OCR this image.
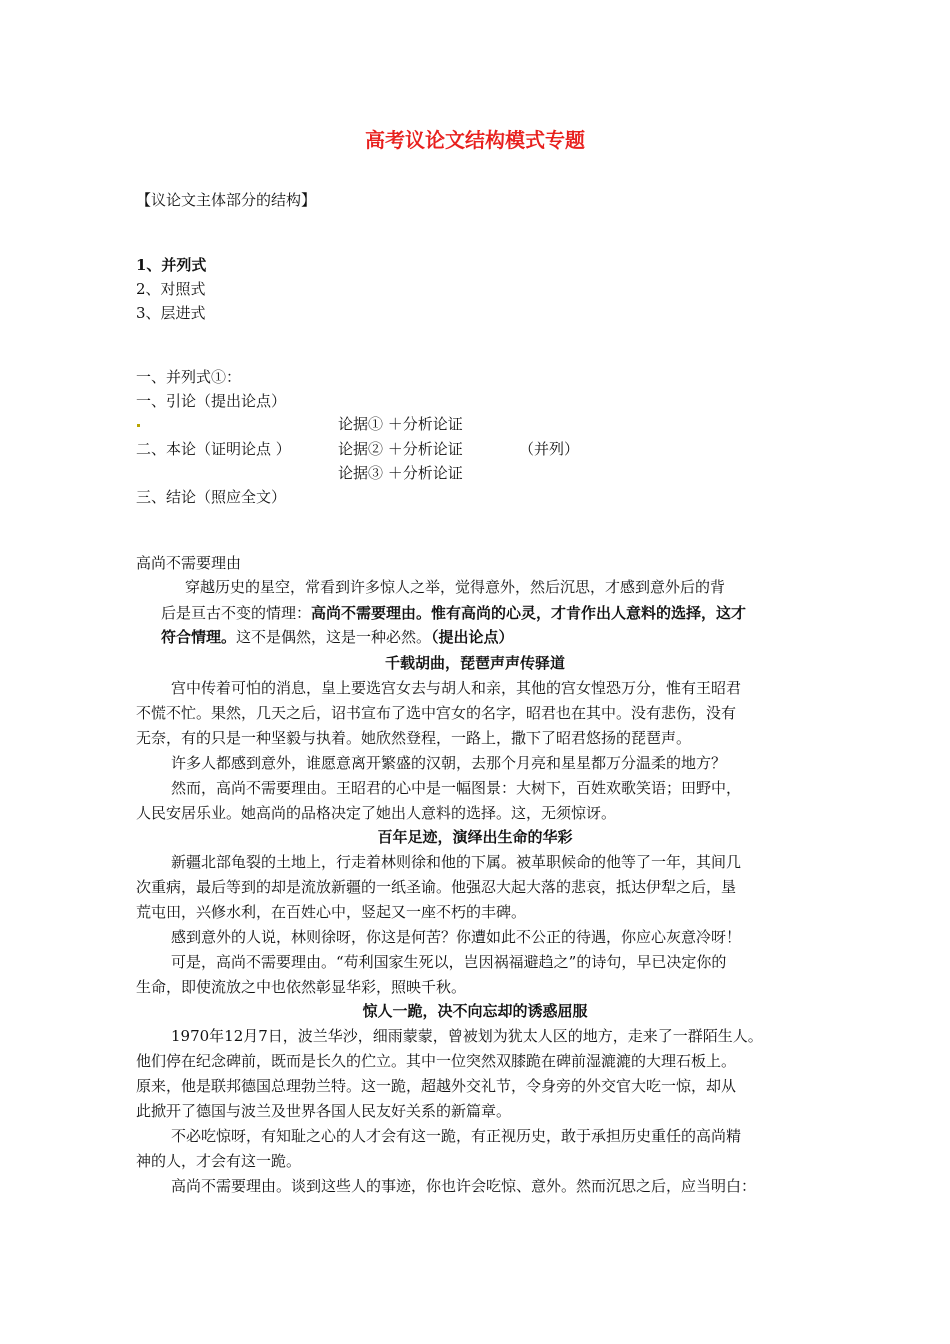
高考议论文结构模式专题
【议论文主体部分的结构】
1、并列式
2、对照式
3、层进式
一、并列式①：
一、引论（提出论点）
论据① ＋分析论证
二、本论（证明论点 ）	论据② ＋分析论证	（并列）
论据③ ＋分析论证
三、结论（照应全文）
高尚不需要理由
穿越历史的星空，常看到许多惊人之举，觉得意外，然后沉思，才感到意外后的背
后是亘古不变的情理：高尚不需要理由。惟有高尚的心灵，才肯作出人意料的选择，这才
符合情理。这不是偶然，这是一种必然。（提出论点）
千载胡曲，琵琶声声传驿道
宫中传着可怕的消息，皇上要选宫女去与胡人和亲，其他的宫女惶恐万分，惟有王昭君
不慌不忙。果然，几天之后，诏书宣布了选中宫女的名字，昭君也在其中。没有悲伤，没有
无奈，有的只是一种坚毅与执着。她欣然登程，一路上，撒下了昭君悠扬的琵琶声。
许多人都感到意外，谁愿意离开繁盛的汉朝，去那个月亮和星星都万分温柔的地方？
然而，高尚不需要理由。王昭君的心中是一幅图景：大树下，百姓欢歌笑语；田野中，
人民安居乐业。她高尚的品格决定了她出人意料的选择。这，无须惊讶。
百年足迹，演绎出生命的华彩
新疆北部龟裂的土地上，行走着林则徐和他的下属。被革职候命的他等了一年，其间几
次重病，最后等到的却是流放新疆的一纸圣谕。他强忍大起大落的悲哀，抵达伊犁之后，垦
荒屯田，兴修水利，在百姓心中，竖起又一座不朽的丰碑。
感到意外的人说，林则徐呀，你这是何苦？你遭如此不公正的待遇，你应心灰意冷呀！
可是，高尚不需要理由。“苟利国家生死以，岂因祸福避趋之”的诗句，早已决定你的
生命，即使流放之中也依然彰显华彩，照映千秋。
惊人一跪，决不向忘却的诱惑屈服
1970年12月7日，波兰华沙，细雨蒙蒙，曾被划为犹太人区的地方，走来了一群陌生人。
他们停在纪念碑前，既而是长久的伫立。其中一位突然双膝跪在碑前湿漉漉的大理石板上。
原来，他是联邦德国总理勃兰特。这一跪，超越外交礼节，令身旁的外交官大吃一惊，却从
此掀开了德国与波兰及世界各国人民友好关系的新篇章。
不必吃惊呀，有知耻之心的人才会有这一跪，有正视历史，敢于承担历史重任的高尚精
神的人，才会有这一跪。
高尚不需要理由。谈到这些人的事迹，你也许会吃惊、意外。然而沉思之后，应当明白：
